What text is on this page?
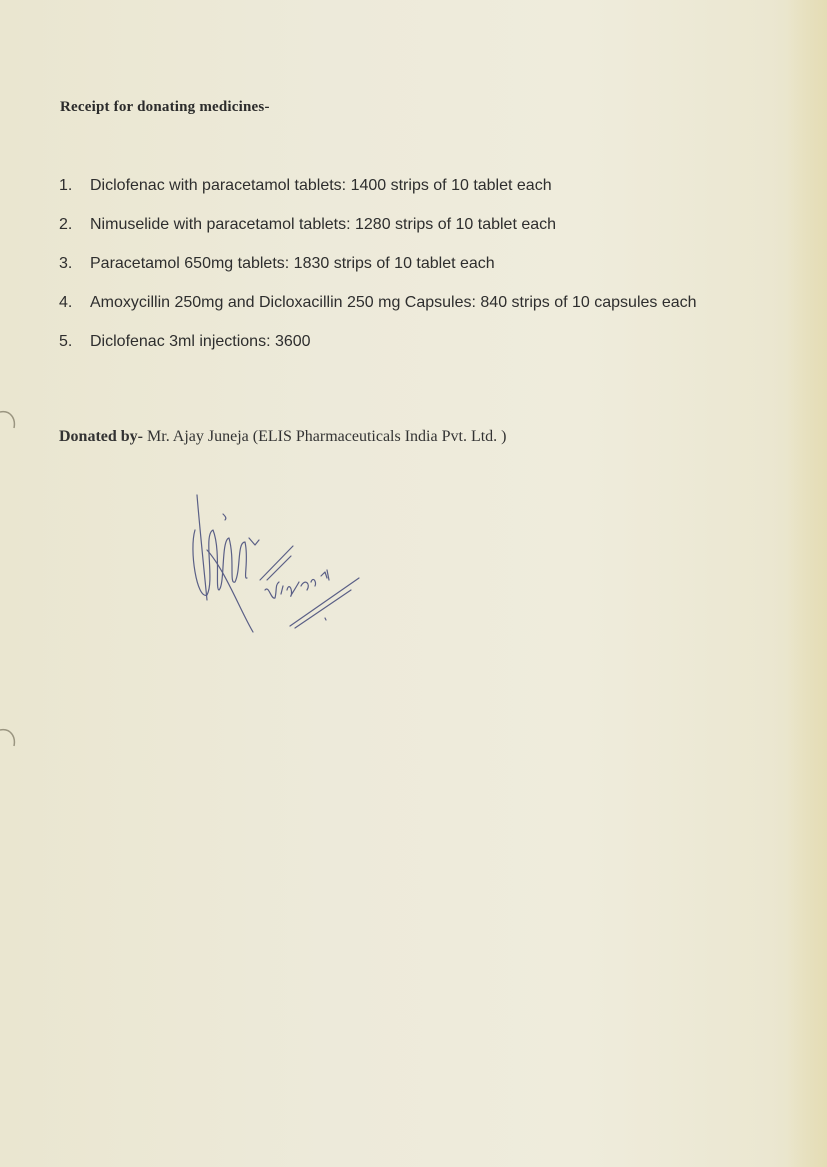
Receipt for donating medicines-
1. Diclofenac with paracetamol tablets: 1400 strips of 10 tablet each
2. Nimuselide with paracetamol tablets: 1280 strips of 10 tablet each
3. Paracetamol 650mg tablets: 1830 strips of 10 tablet each
4. Amoxycillin 250mg and Dicloxacillin 250 mg Capsules: 840 strips of 10 capsules each
5. Diclofenac 3ml injections: 3600
Donated by- Mr. Ajay Juneja (ELIS Pharmaceuticals India Pvt. Ltd. )
